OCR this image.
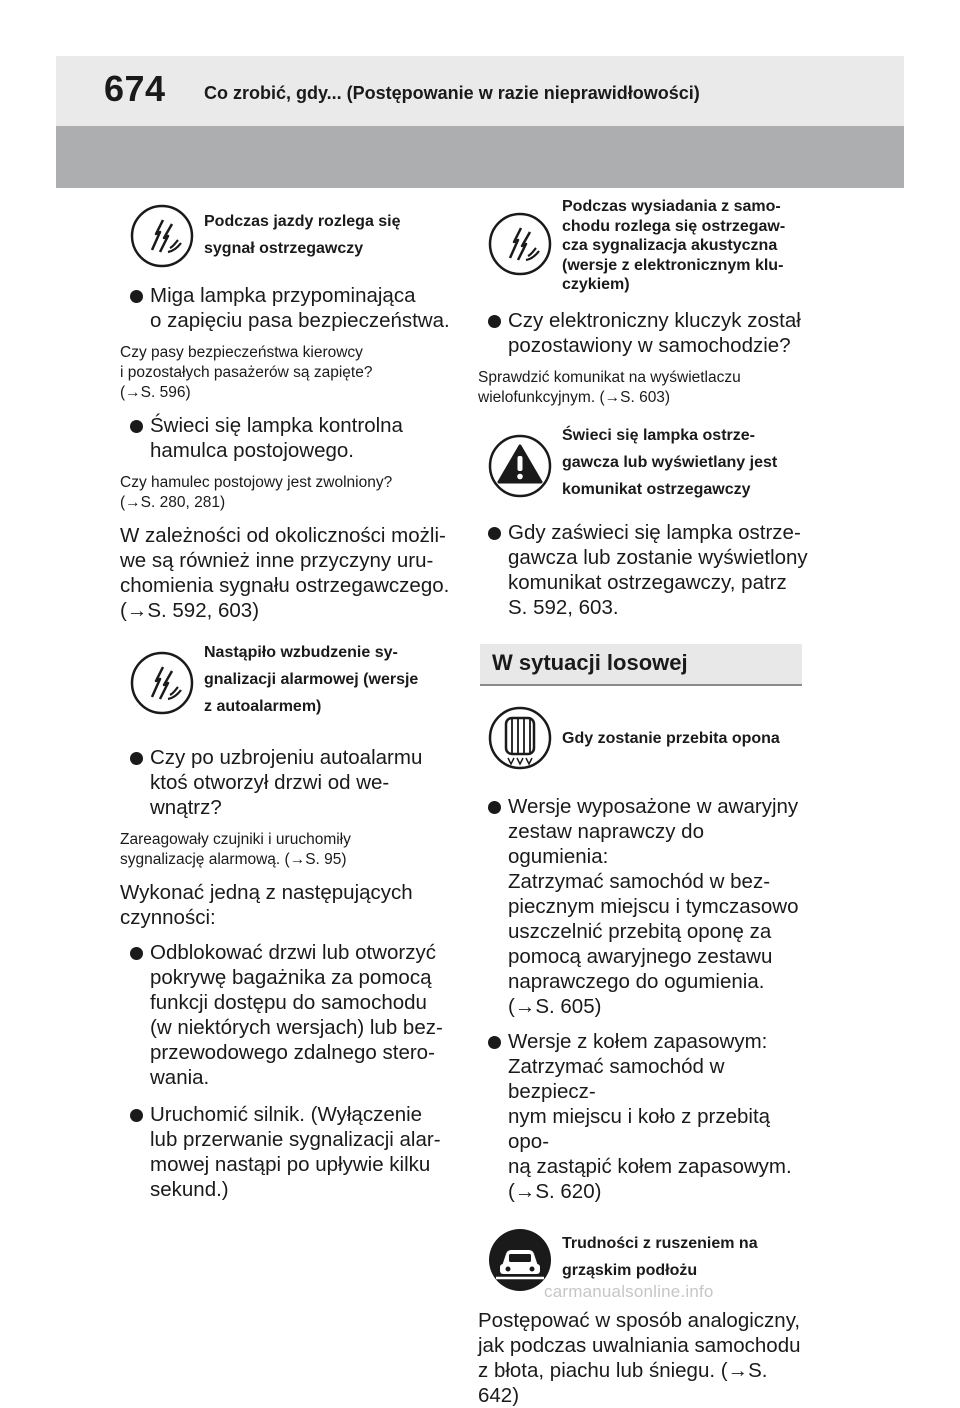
674 Co zrobić, gdy... (Postępowanie w razie nieprawidłowości)
Podczas jazdy rozlega się
sygnał ostrzegawczy
Miga lampka przypominająca
o zapięciu pasa bezpieczeństwa.
Czy pasy bezpieczeństwa kierowcy
i pozostałych pasażerów są zapięte?
(→S. 596)
Świeci się lampka kontrolna
hamulca postojowego.
Czy hamulec postojowy jest zwolniony?
(→S. 280, 281)
W zależności od okoliczności możli-
we są również inne przyczyny uru-
chomienia sygnału ostrzegawczego.
(→S. 592, 603)
Nastąpiło wzbudzenie sy-
gnalizacji alarmowej (wersje
z autoalarmem)
Czy po uzbrojeniu autoalarmu
ktoś otworzył drzwi od we-
wnątrz?
Zareagowały czujniki i uruchomiły
sygnalizację alarmową. (→S. 95)
Wykonać jedną z następujących
czynności:
Odblokować drzwi lub otworzyć
pokrywę bagażnika za pomocą
funkcji dostępu do samochodu
(w niektórych wersjach) lub bez-
przewodowego zdalnego stero-
wania.
Uruchomić silnik. (Wyłączenie
lub przerwanie sygnalizacji alar-
mowej nastąpi po upływie kilku
sekund.)
Podczas wysiadania z samo-
chodu rozlega się ostrzegaw-
cza sygnalizacja akustyczna
(wersje z elektronicznym klu-
czykiem)
Czy elektroniczny kluczyk został
pozostawiony w samochodzie?
Sprawdzić komunikat na wyświetlaczu
wielofunkcyjnym. (→S. 603)
Świeci się lampka ostrze-
gawcza lub wyświetlany jest
komunikat ostrzegawczy
Gdy zaświeci się lampka ostrze-
gawcza lub zostanie wyświetlony
komunikat ostrzegawczy, patrz
S. 592, 603.
W sytuacji losowej
Gdy zostanie przebita opona
Wersje wyposażone w awaryjny
zestaw naprawczy do ogumienia:
Zatrzymać samochód w bez-
piecznym miejscu i tymczasowo
uszczelnić przebitą oponę za
pomocą awaryjnego zestawu
naprawczego do ogumienia.
(→S. 605)
Wersje z kołem zapasowym:
Zatrzymać samochód w bezpiecz-
nym miejscu i koło z przebitą opo-
ną zastąpić kołem zapasowym.
(→S. 620)
Trudności z ruszeniem na
grząskim podłożu
Postępować w sposób analogiczny,
jak podczas uwalniania samochodu
z błota, piachu lub śniegu. (→S. 642)
carmanualsonline.info
